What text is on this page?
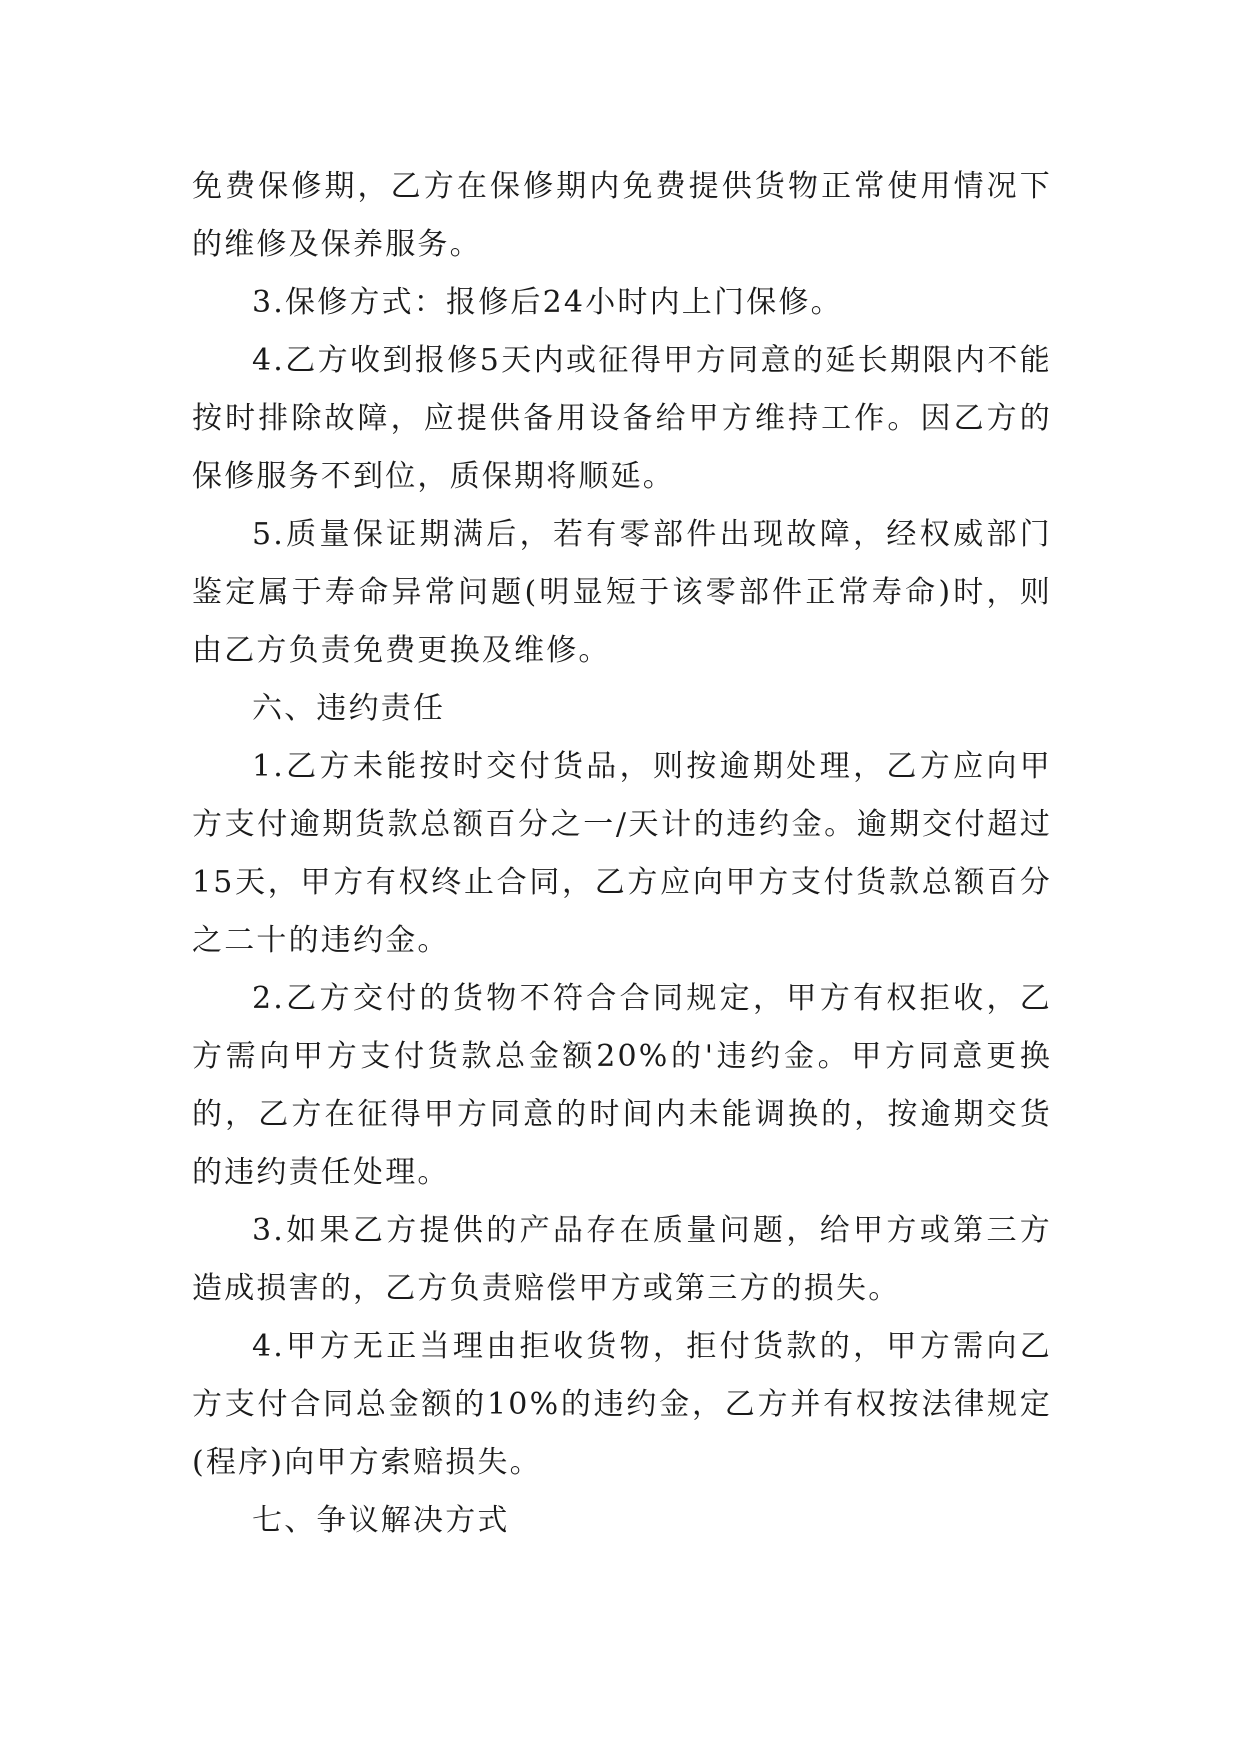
免费保修期，乙方在保修期内免费提供货物正常使用情况下的维修及保养服务。

3.保修方式：报修后24小时内上门保修。

4.乙方收到报修5天内或征得甲方同意的延长期限内不能按时排除故障，应提供备用设备给甲方维持工作。因乙方的保修服务不到位，质保期将顺延。

5.质量保证期满后，若有零部件出现故障，经权威部门鉴定属于寿命异常问题(明显短于该零部件正常寿命)时，则由乙方负责免费更换及维修。

六、违约责任

1.乙方未能按时交付货品，则按逾期处理，乙方应向甲方支付逾期货款总额百分之一/天计的违约金。逾期交付超过15天，甲方有权终止合同，乙方应向甲方支付货款总额百分之二十的违约金。

2.乙方交付的货物不符合合同规定，甲方有权拒收，乙方需向甲方支付货款总金额20%的'违约金。甲方同意更换的，乙方在征得甲方同意的时间内未能调换的，按逾期交货的违约责任处理。

3.如果乙方提供的产品存在质量问题，给甲方或第三方造成损害的，乙方负责赔偿甲方或第三方的损失。

4.甲方无正当理由拒收货物，拒付货款的，甲方需向乙方支付合同总金额的10%的违约金，乙方并有权按法律规定(程序)向甲方索赔损失。

七、争议解决方式
